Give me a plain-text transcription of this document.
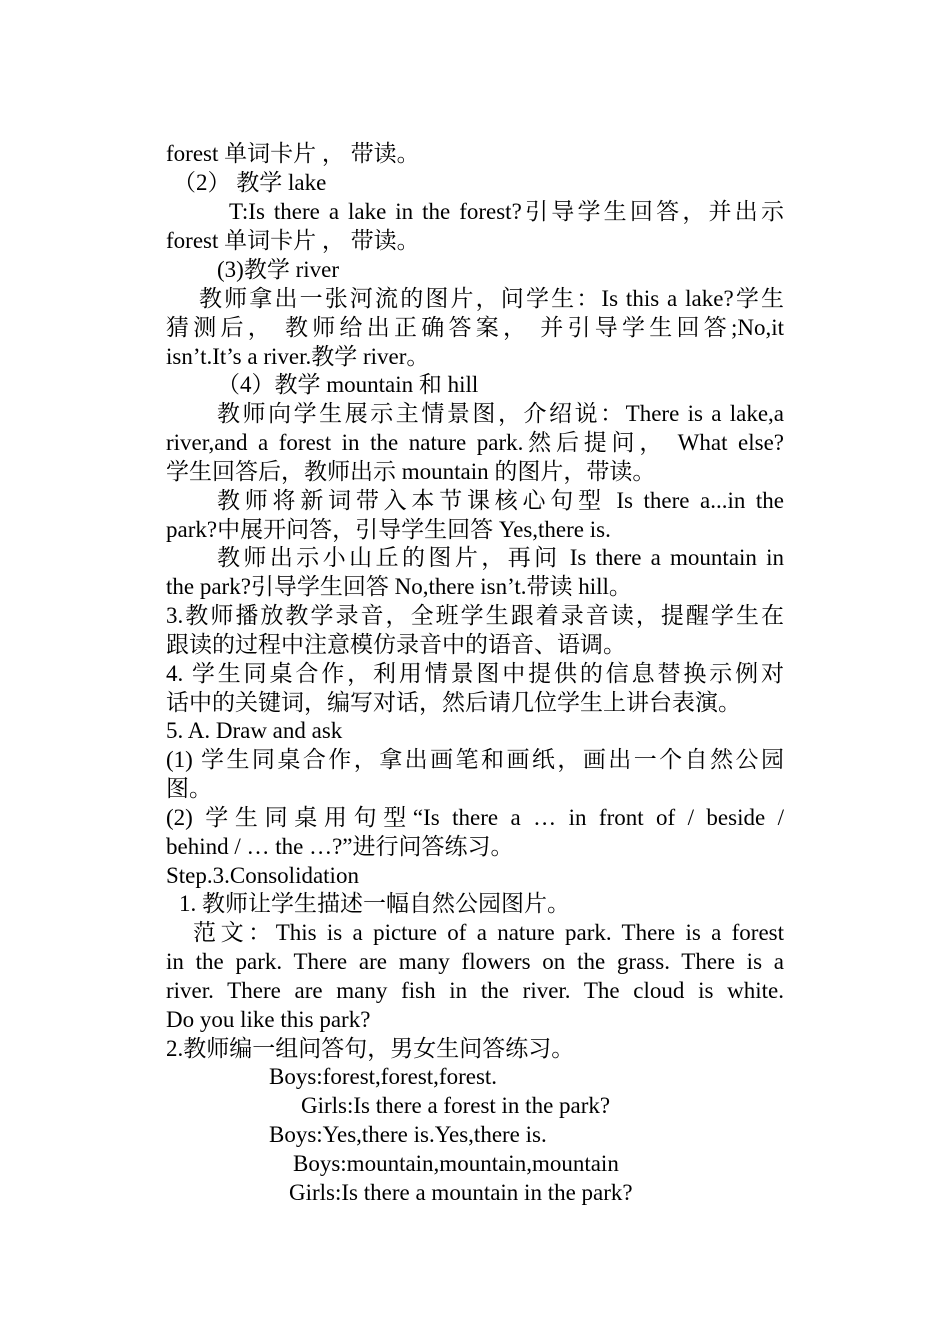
forest 单词卡片 ， 带读。
（2） 教学 lake
T:Is there a lake in the forest?引导学生回答，并出示
forest 单词卡片 ， 带读。
(3)教学 river
教师拿出一张河流的图片，问学生：Is this a lake?学生
猜测后， 教师给出正确答案， 并引导学生回答;No,it
isn’t.It’s a river.教学 river。
（4）教学 mountain 和 hill
教师向学生展示主情景图，介绍说：There is a lake,a
river,and a forest in the nature park.然后提问， What else?
学生回答后，教师出示 mountain 的图片，带读。
教师将新词带入本节课核心句型 Is there a...in the
park?中展开问答，引导学生回答 Yes,there is.
教师出示小山丘的图片，再问 Is there a mountain in
the park?引导学生回答 No,there isn’t.带读 hill。
3.教师播放教学录音，全班学生跟着录音读，提醒学生在
跟读的过程中注意模仿录音中的语音、语调。
4. 学生同桌合作，利用情景图中提供的信息替换示例对
话中的关键词，编写对话，然后请几位学生上讲台表演。
5. A. Draw and ask
(1) 学生同桌合作，拿出画笔和画纸，画出一个自然公园
图。
(2) 学生同桌用句型“Is there a … in front of / beside /
behind / … the …?”进行问答练习。
Step.3.Consolidation
1. 教师让学生描述一幅自然公园图片。
范文：This is a picture of a nature park. There is a forest
in the park. There are many flowers on the grass. There is a
river. There are many fish in the river. The cloud is white.
Do you like this park?
2.教师编一组问答句，男女生问答练习。
Boys:forest,forest,forest.
Girls:Is there a forest in the park?
Boys:Yes,there is.Yes,there is.
Boys:mountain,mountain,mountain
Girls:Is there a mountain in the park?
